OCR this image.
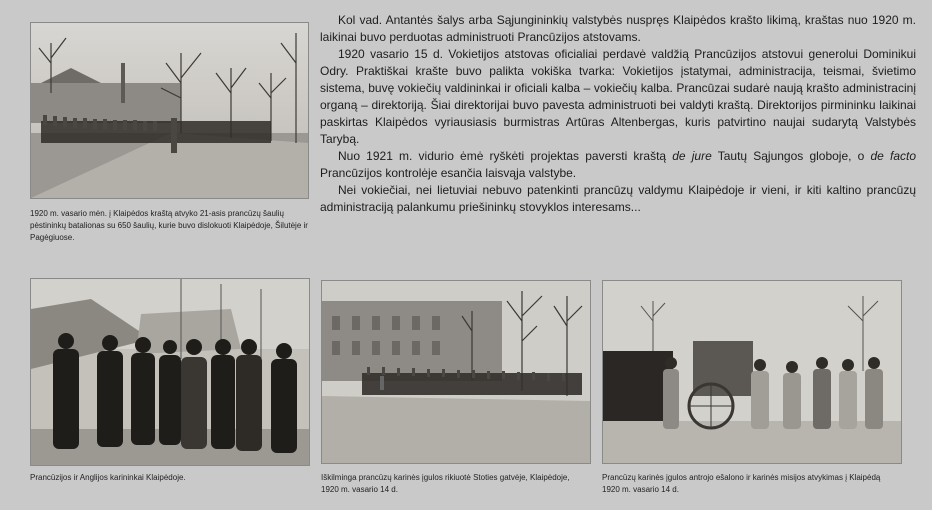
1920 m. vasario mėn. į Klaipėdos kraštą atvyko 21-asis prancūzų šaulių pėstininkų batalionas su 650 šaulių, kurie buvo dislokuoti Klaipėdoje, Šilutėje ir Pagėgiuose.

Kol vad. Antantės šalys arba Sąjungininkių valstybės nuspręs Klaipėdos krašto likimą, kraštas nuo 1920 m. laikinai buvo perduotas administruoti Prancūzijos atstovams.

1920 vasario 15 d. Vokietijos atstovas oficialiai perdavė valdžią Prancūzijos atstovui generolui Dominikui Odry. Praktiškai krašte buvo palikta vokiška tvarka: Vokietijos įstatymai, administracija, teismai, švietimo sistema, buvę vokiečių valdininkai ir oficiali kalba – vokiečių kalba. Prancūzai sudarė naują krašto administracinį organą – direktoriją. Šiai direktorijai buvo pavesta administruoti bei valdyti kraštą. Direktorijos pirmininku laikinai paskirtas Klaipėdos vyriausiasis burmistras Artūras Altenbergas, kuris patvirtino naujai sudarytą Valstybės Tarybą.

Nuo 1921 m. vidurio ėmė ryškėti projektas paversti kraštą de jure Tautų Sąjungos globoje, o de facto Prancūzijos kontrolėje esančia laisvąja valstybe.

Nei vokiečiai, nei lietuviai nebuvo patenkinti prancūzų valdymu Klaipėdoje ir vieni, ir kiti kaltino prancūzų administraciją palankumu priešininkų stovyklos interesams...

Prancūzijos ir Anglijos karininkai Klaipėdoje.	Iškilminga prancūzų karinės įgulos rikiuotė Stoties gatvėje, Klaipėdoje, 1920 m. vasario 14 d.
Prancūzų karinės įgulos antrojo ešalono ir karinės misijos atvykimas į Klaipėdą 1920 m. vasario 14 d.
